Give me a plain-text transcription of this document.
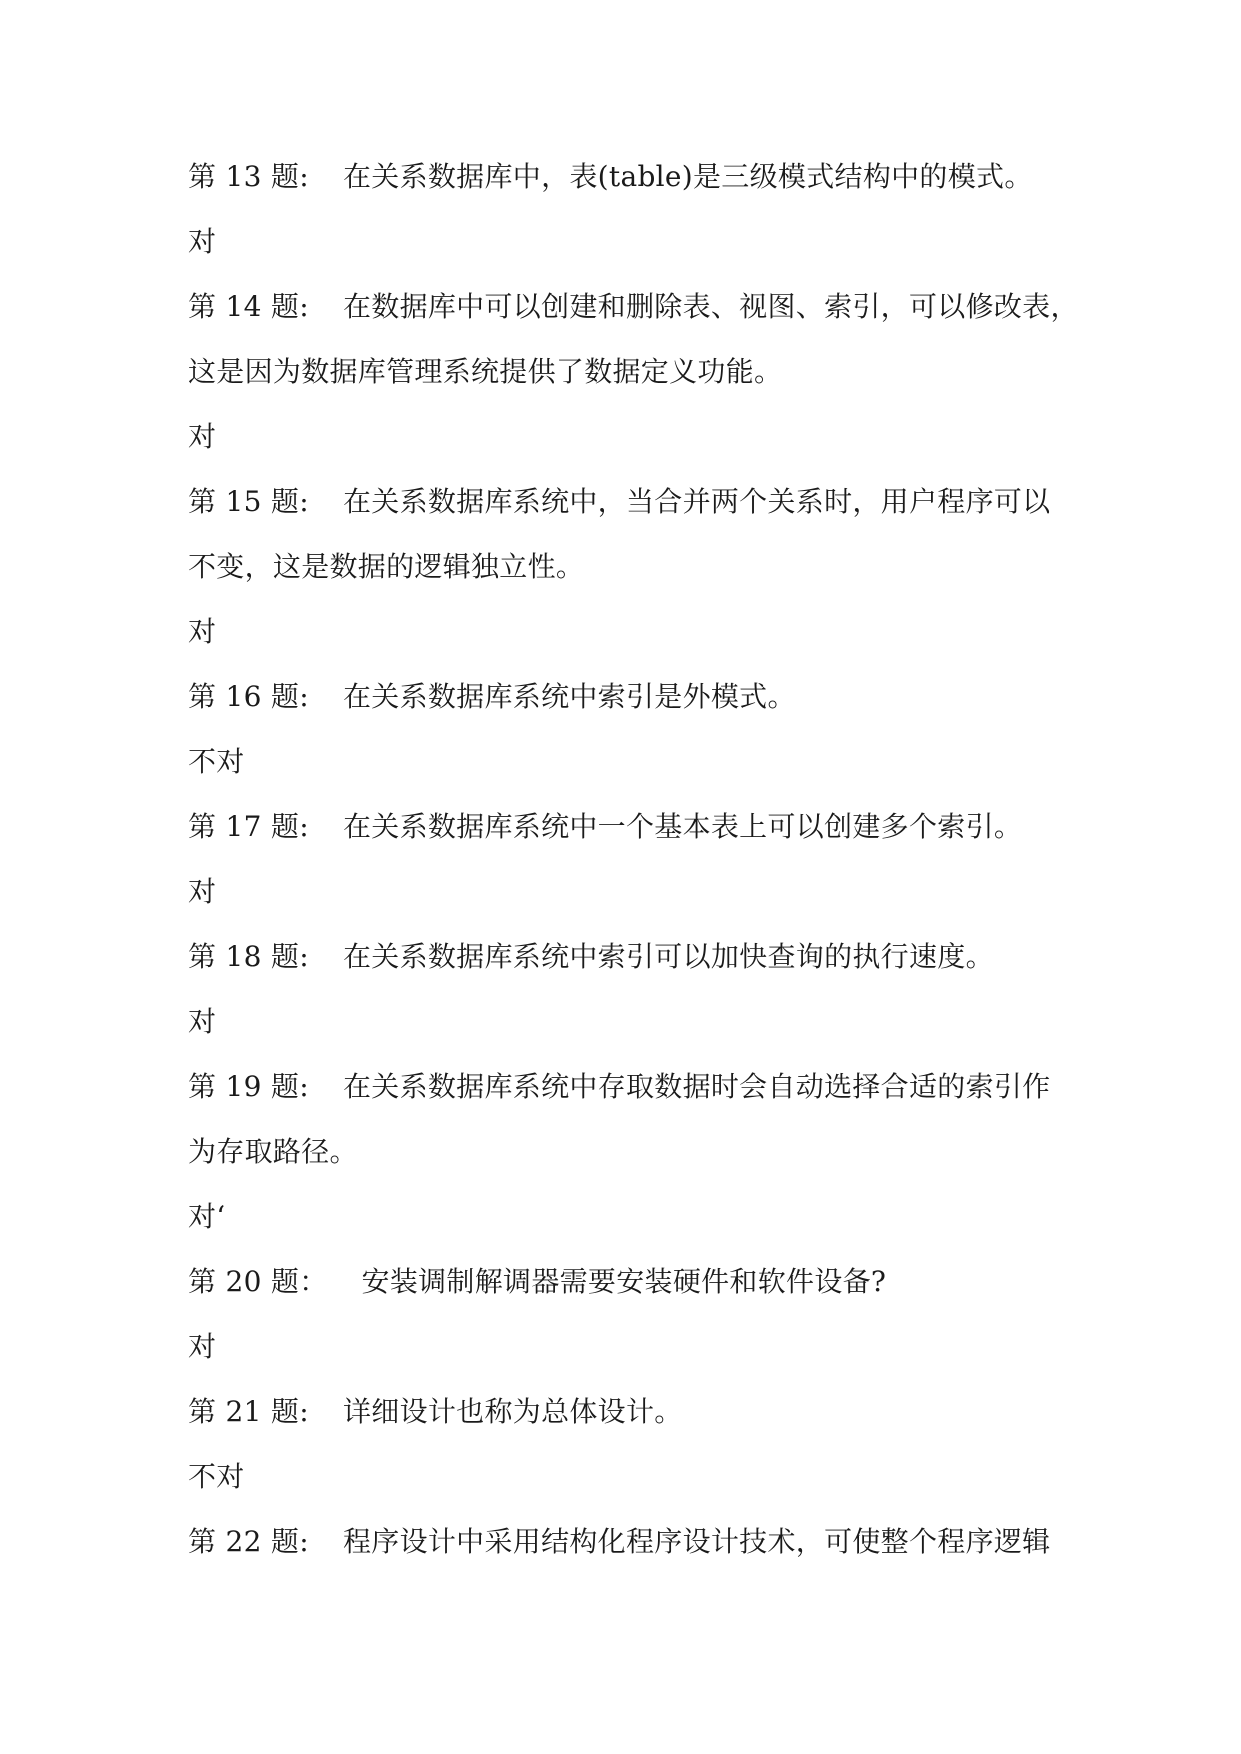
第 13 题: 在关系数据库中，表(table)是三级模式结构中的模式。
对
第 14 题: 在数据库中可以创建和删除表、视图、索引，可以修改表，
这是因为数据库管理系统提供了数据定义功能。
对
第 15 题: 在关系数据库系统中，当合并两个关系时，用户程序可以
不变，这是数据的逻辑独立性。
对
第 16 题: 在关系数据库系统中索引是外模式。
不对
第 17 题: 在关系数据库系统中一个基本表上可以创建多个索引。
对
第 18 题: 在关系数据库系统中索引可以加快查询的执行速度。
对
第 19 题: 在关系数据库系统中存取数据时会自动选择合适的索引作
为存取路径。
对‘
第 20 题： 安装调制解调器需要安装硬件和软件设备?
对
第 21 题: 详细设计也称为总体设计。
不对
第 22 题: 程序设计中采用结构化程序设计技术，可使整个程序逻辑
